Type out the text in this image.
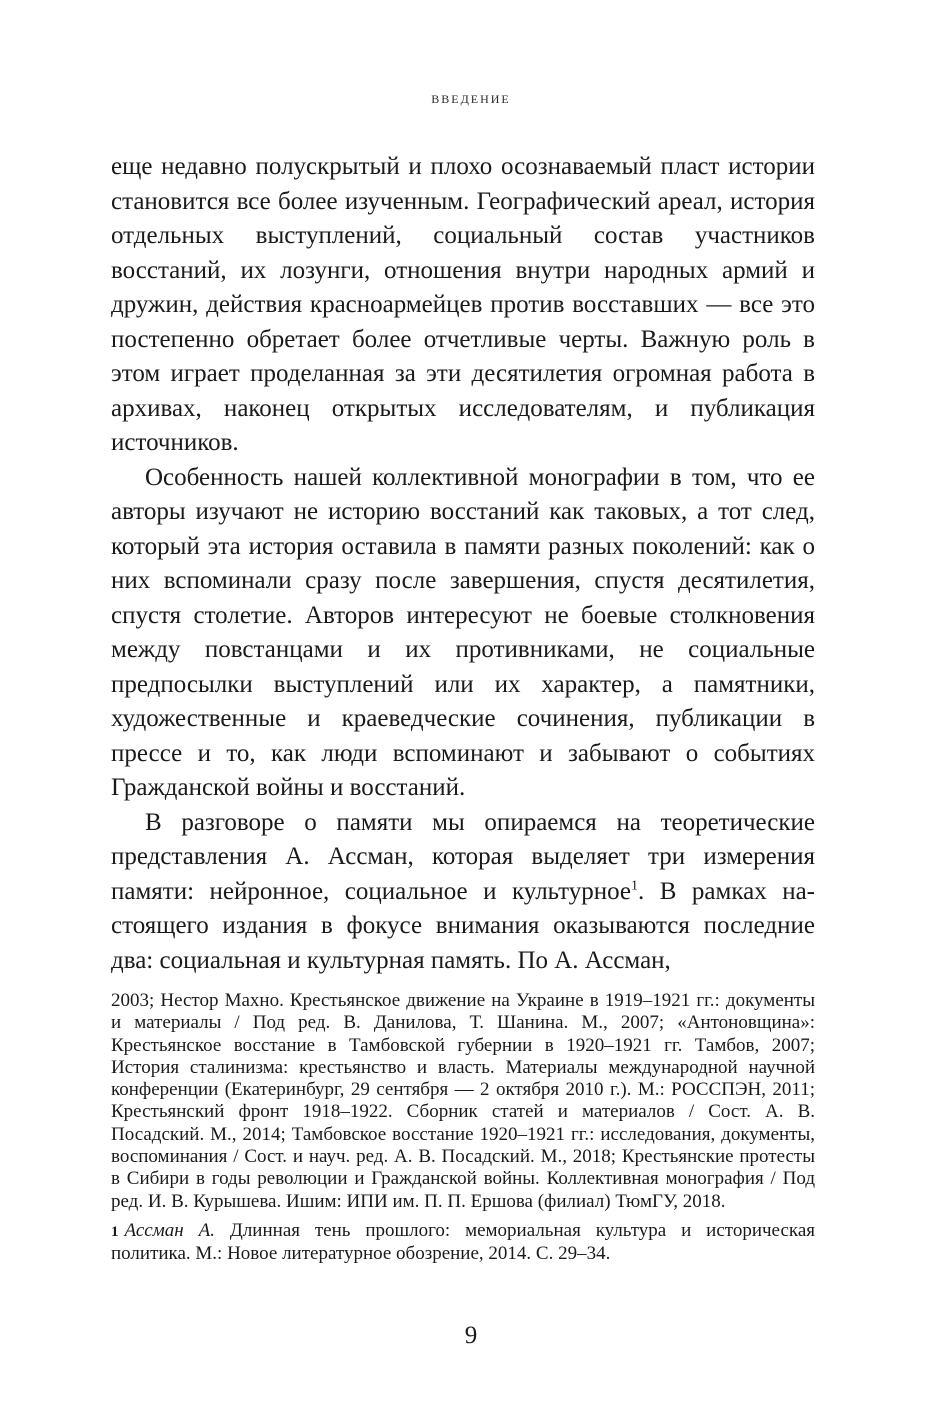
ВВЕДЕНИЕ

еще недавно полускрытый и плохо осознаваемый пласт истории становится все более изученным. Географический ареал, история отдельных выступлений, социальный состав участников восстаний, их лозунги, отношения внутри народных армий и дружин, действия красноармейцев против восставших — все это постепенно обретает более отчетливые черты. Важную роль в этом играет проделанная за эти десятилетия огромная работа в архивах, наконец открытых исследователям, и публикация источников.

Особенность нашей коллективной монографии в том, что ее авторы изучают не историю восстаний как таковых, а тот след, который эта история оставила в памяти разных поколений: как о них вспоминали сразу после завершения, спустя десятилетия, спустя столетие. Авторов интересуют не боевые столкновения между повстанцами и их противниками, не социальные предпосылки выступлений или их характер, а памятники, художественные и краеведческие сочинения, публикации в прессе и то, как люди вспоминают и забывают о событиях Гражданской войны и восстаний.

В разговоре о памяти мы опираемся на теоретические представления А. Ассман, которая выделяет три измерения памяти: нейронное, социальное и культурное$^1$. В рамках настоящего издания в фокусе внимания оказываются последние два: социальная и культурная память. По А. Ассман,

2003; Нестор Махно. Крестьянское движение на Украине в 1919–1921 гг.: документы и материалы / Под ред. В. Данилова, Т. Шанина. М., 2007; «Антоновщина»: Крестьянское восстание в Тамбовской губернии в 1920–1921 гг. Тамбов, 2007; История сталинизма: крестьянство и власть. Материалы международной научной конференции (Екатеринбург, 29 сентября — 2 октября 2010 г.). М.: РОССПЭН, 2011; Крестьянский фронт 1918–1922. Сборник статей и материалов / Сост. А. В. Посадский. М., 2014; Тамбовское восстание 1920–1921 гг.: исследования, документы, воспоминания / Сост. и науч. ред. А. В. Посадский. М., 2018; Крестьянские протесты в Сибири в годы революции и Гражданской войны. Коллективная монография / Под ред. И. В. Курышева. Ишим: ИПИ им. П. П. Ершова (филиал) ТюмГУ, 2018.

1 Ассман А. Длинная тень прошлого: мемориальная культура и историческая политика. М.: Новое литературное обозрение, 2014. С. 29–34.

9
